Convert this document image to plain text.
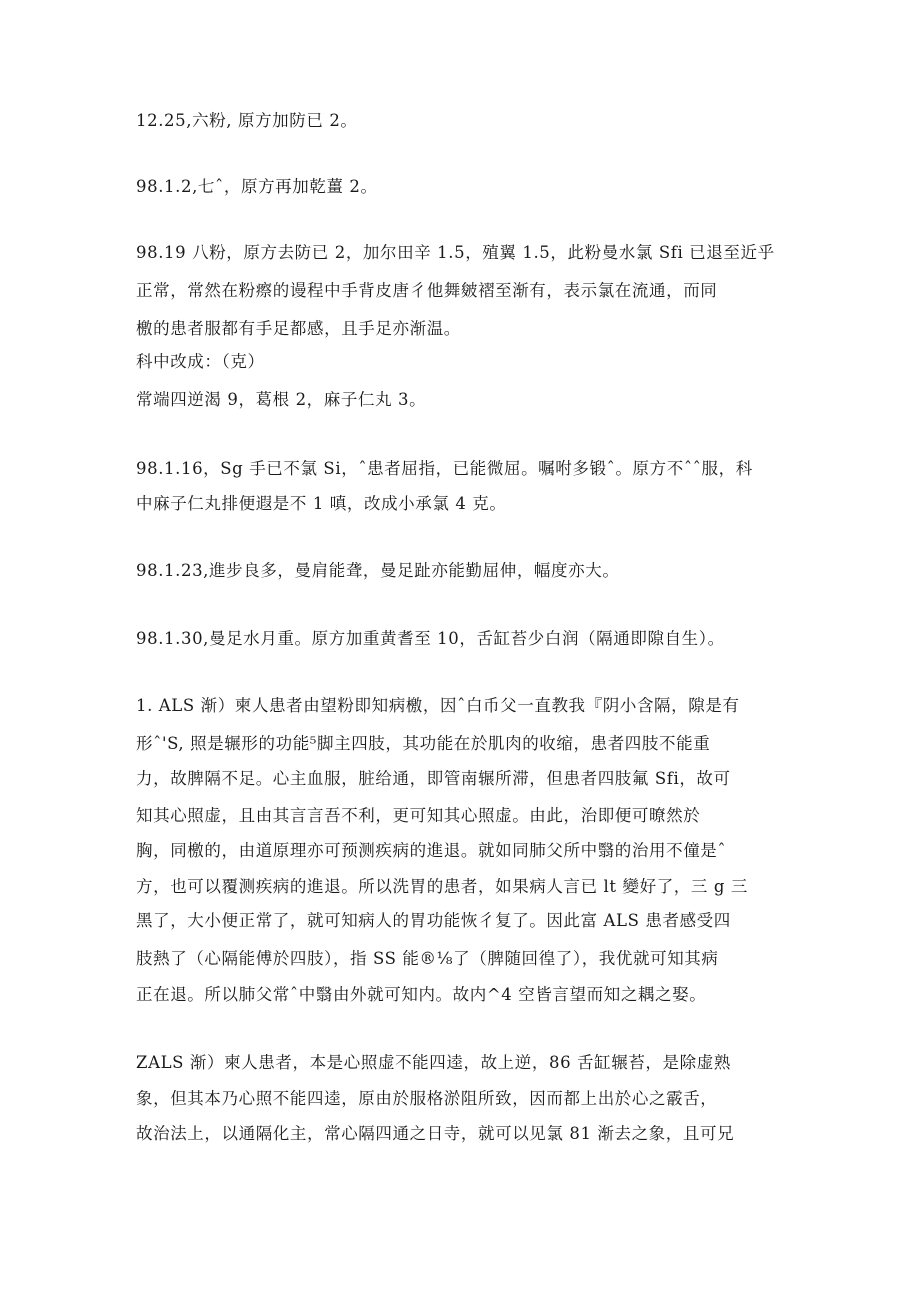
12.25,六粉, 原方加防已 2。
98.1.2,七ˆ，原方再加乾薑 2。
98.19 八粉，原方去防已 2，加尔田辛 1.5，殖翼 1.5，此粉曼水氯 Sfi 已退至近乎
正常，常然在粉瘵的谩程中手背皮唐彳他舞皴褶至渐有，表示氯在流通，而同
檄的患者服都有手足都感，且手足亦渐温。
科中改成：（克）
常端四逆渴 9，葛根 2，麻子仁丸 3。
98.1.16，Sg 手已不氯 Si，ˆ患者屈指，已能微屈。嘱咐多锻ˆ。原方不ˆˆ服，科
中麻子仁丸排便遐是不 1 嗔，改成小承氯 4 克。
98.1.23,進步良多，曼肩能聋，曼足趾亦能勤屈伸，幅度亦大。
98.1.30,曼足水月重。原方加重黄耆至 10，舌缸苔少白润（隔通即隙自生）。
1. ALS 渐）柬人患者由望粉即知病檄，因ˆ白币父一直教我『阴小含隔，隙是有
形ˆ'S, 照是辗形的功能⁵脚主四肢，其功能在於肌肉的收缩，患者四肢不能重
力，故脾隔不足。心主血服，脏给通，即管南辗所滞，但患者四肢氟 Sfi，故可
知其心照虚，且由其言言吾不利，更可知其心照虚。由此，治即便可暸然於
胸，同檄的，由道原理亦可预测疾病的進退。就如同肺父所中翳的治用不僮是ˆ
方，也可以覆测疾病的進退。所以洗胃的患者，如果病人言已 lt 變好了，三 g 三
黑了，大小便正常了，就可知病人的胃功能恢彳复了。因此富 ALS 患者感受四
肢熱了（心隔能傅於四肢），指 SS 能®⅛了（脾随回徨了），我优就可知其病
正在退。所以肺父常ˆ中翳由外就可知内。故内^4 空皆言望而知之耦之娶。
ZALS 渐）柬人患者，本是心照虚不能四逵，故上逆，86 舌缸辗苔，是除虚熟
象，但其本乃心照不能四逵，原由於服格淤阻所致，因而都上出於心之霰舌，
故治法上，以通隔化主，常心隔四通之日寺，就可以见氯 81 渐去之象，且可兄
